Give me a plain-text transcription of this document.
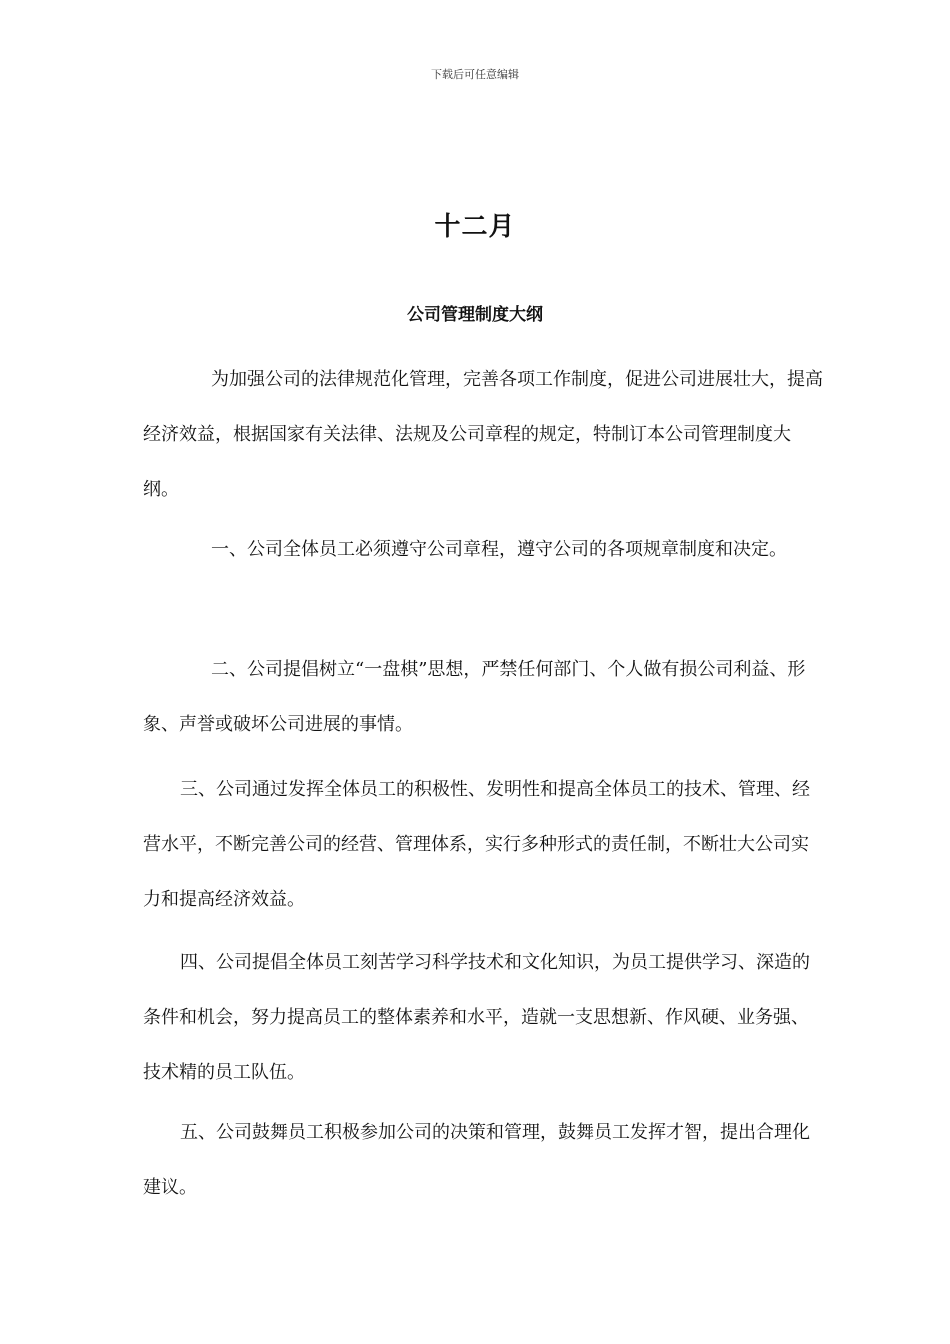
下载后可任意编辑
十二月
公司管理制度大纲

为加强公司的法律规范化管理，完善各项工作制度，促进公司进展壮大，提高经济效益，根据国家有关法律、法规及公司章程的规定，特制订本公司管理制度大纲。

一、公司全体员工必须遵守公司章程，遵守公司的各项规章制度和决定。

二、公司提倡树立“一盘棋”思想，严禁任何部门、个人做有损公司利益、形象、声誉或破坏公司进展的事情。

三、公司通过发挥全体员工的积极性、发明性和提高全体员工的技术、管理、经营水平，不断完善公司的经营、管理体系，实行多种形式的责任制，不断壮大公司实力和提高经济效益。

四、公司提倡全体员工刻苦学习科学技术和文化知识，为员工提供学习、深造的条件和机会，努力提高员工的整体素养和水平，造就一支思想新、作风硬、业务强、技术精的员工队伍。

五、公司鼓舞员工积极参加公司的决策和管理，鼓舞员工发挥才智，提出合理化建议。
